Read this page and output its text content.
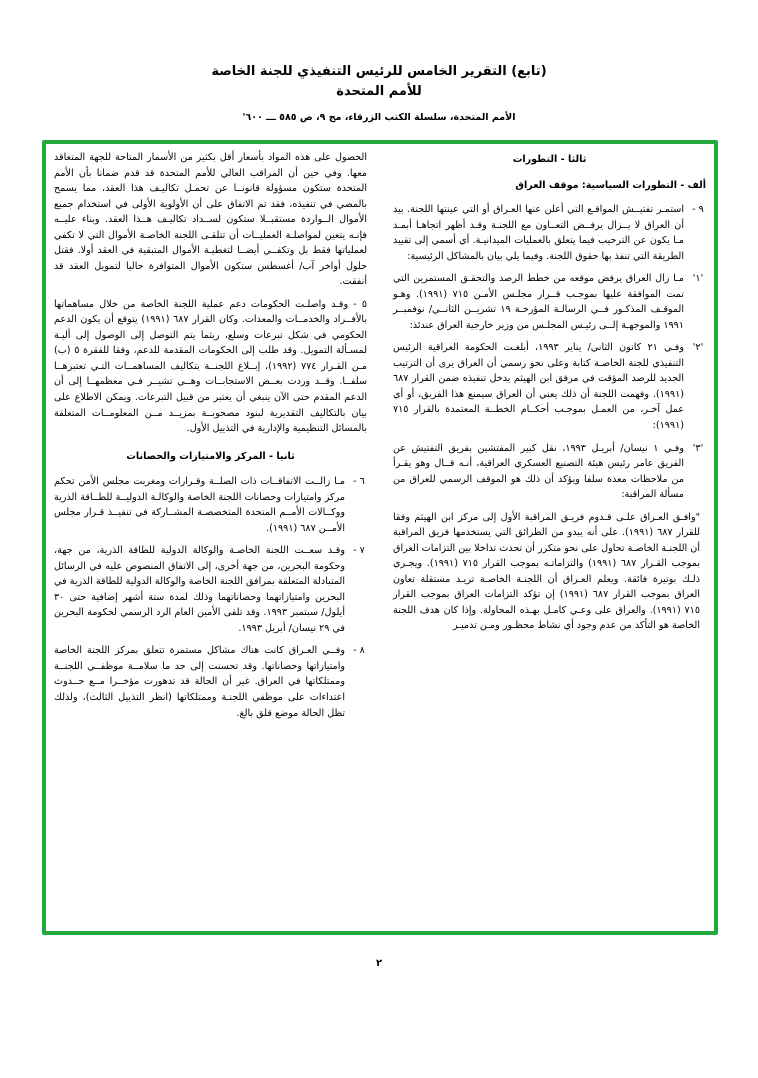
(تابع) التقرير الخامس للرئيس التنفيذي للجنة الخاصة
للأمم المتحدة
الأمم المتحدة، سلسلة الكتب الزرقاء، مج ٩، ص ٥٨٥ ـــ ٦٠٠'

ثالثا - التطورات

ألف - التطورات السياسية: موقف العراق

٩ -
استمـر تفتيــش المواقـع التي أعلن عنها العـراق أو التي عينتها اللجنة. بيد أن العراق لا يــزال يرفــض التعــاون مع اللجنـة وقـد أظهر اتجاهـا أبمـد مـا يكون عن الترحيب فيما يتعلق بالعمليات الميدانيـة. أي أسمي إلى تقييد الطريقة التي تنفذ بها حقوق اللجنة. وفيما يلي بيان بالمشاكل الرئيسية:
'١'
مـا زال العراق يرفض موقعه من خطط الرصد والتحقـق المستمرين التي تمت الموافقة عليها بموجـب قــرار مجلـس الأمـن ٧١٥ (١٩٩١). وهـو الموقـف المذكـور فــي الرسالـة المؤرخـة ١٩ تشريــن الثانــي/ نوفمبــر ١٩٩١ والموجهـة إلــى رئيـس المجلـس من وزير خارجية العراق عندئذ:
'٢'
وفـي ٢١ كانون الثاني/ يناير ١٩٩٣، أبلغـت الحكومة العراقية الرئيس التنفيذي للجنة الخاصـة كتابة وعلى نحو رسمي أن العراق يرى أن الترتيب الجديد للرصد المؤقت في مرفق ابن الهيثم يدخل تنفيذه ضمن القرار ٦٨٧ (١٩٩١). وفهمت اللجنة أن ذلك يعني أن العراق سيمنع هذا الفريق، أو أي عمل آخـر، من العمـل بموجـب أحكــام الخطــة المعتمدة بالقرار ٧١٥ (١٩٩١):
'٣'
وفـي ١ نيسان/ أبريـل ١٩٩٣، نقل كبير المفتشين بفريق التفتيش عن الفريق عامر رئيس هيئة التصنيع العسكري العراقية، أنـه قــال وهو يقـرأ من ملاحظات معدة سلفا ويؤكد أن ذلك هو الموقف الرسمي للعراق من مسألة المراقبة:

"وافـق العـراق علـى قـدوم فريـق المراقبة الأول إلى مركز ابن الهيثم وفقا للقرار ٦٨٧ (١٩٩١). على أنه يبدو من الطرائق التي يستخدمها فريق المراقبة أن اللجنـة الخاصـة تحاول على نحو متكرر أن تحدث تداخلا بين التزامات العراق بموجب القـرار ٦٨٧ (١٩٩١) والتزاماتـه بموجب القرار ٧١٥ (١٩٩١). ويجـري ذلـك بوتيرة فائقة. ويعلم العـراق أن اللجنـة الخاصـة تريـد مستقلة تعاون العراق بموجب القرار ٦٨٧ (١٩٩١) إن تؤكد التزامات العراق بموجب القرار ٧١٥ (١٩٩١). والعراق على وعـي كامـل بهـذه المحاولة. وإذا كان هدف اللجنة الخاصة هو التأكد من عدم وجود أي نشاط محظـور ومـن تدميـر

الحصول على هذه المواد بأسعار أقل بكثير من الأسمار المتاحة للجهة المتعاقد معها. وفي حين أن المراقب العالي للأمم المتحدة قد قدم ضمانا بأن الأمم المتحدة ستكون مسؤولة قانونــا عن تحمـل تكاليـف هذا العقد، مما يسمح بالمضي في تنفيذه، فقد تم الاتفاق على أن الأولوية الأولى في استخدام جميع الأموال الــواردة مستقبــلا ستكون لســداد تكاليـف هــذا العقد. وبناء عليــه فإنـه يتعين لمواصلـة العمليــات أن تتلقـى اللجنة الخاصـة الأموال التي لا تكفي لعملياتها فقط بل وتكفــي أيضــا لتغطيـة الأموال المتبقية في العقد أولا. فقتل حلول أواخر آب/ أغسطس ستكون الأموال المتوافرة حاليا لتمويل العقد قد أنفقت.

٥ - وقـد واصلـت الحكومات دعم عملية اللجنة الخاصة من خلال مساهماتها بالأفــراد والخدمــات والمعدات. وكان القرار ٦٨٧ (١٩٩١) يتوقع أن يكون الدعم الحكومي في شكل تبرعات وسلع، ريثما يتم التوصل إلى الوصول إلى أليـة لمسـألة التمويل. وقد طلب إلى الحكومات المقدمة للدعم، وفقا للفقرة ٥ (ب) مـن القـرار ٧٧٤ (١٩٩٢)، إبــلاغ اللجنــة بتكاليف المساهمــات التـي تعتبرهــا سلفــا. وقــد وردت بعــض الاستجابــات وهــي تشيــر فـي معظمهــا إلى أن الدعم المقدم حتى الآن ينبغي أن يعتبر من قبيل التبرعات. ويمكن الاطلاع على بيان بالتكاليف التقديرية لبنود مصحوبــة بمزيــد مــن المعلومــات المتعلقة بالمسائل التنظيمية والإدارية في التذييل الأول.

ثانيا - المركز والامتيازات والحصانات

٦ -
مـا زالــت الاتفاقــات ذات الصلــة وقـرارات ومغربت مجلس الأمن تحكم مركز وامتيازات وحصانات اللجنة الخاصة والوكالـة الدوليــة للطــاقة الذرية ووكــالات الأمــم المتحدة المتخصصـة المشــاركة في تنفيــذ قـرار مجلس الأمــن ٦٨٧ (١٩٩١).
٧ -
وقـد سعــت اللجنة الخاصـة والوكالة الدولية للطاقة الذرية، من جهة، وحكومة البحرين، من جهة أخرى، إلى الاتفاق المنصوص عليه في الرسائل المتبادلة المتعلقة بمرافق اللجنة الخاصة والوكالة الدولية للطاقة الذرية في البحرين وامتيازاتهما وحصاناتهما وذلك لمدة ستة أشهر إضافية حتى ٣٠ أيلول/ سبتمبر ١٩٩٣. وقد تلقى الأمين العام الرد الرسمي لحكومة البحرين في ٢٩ نيسان/ أبريل ١٩٩٣.
٨ -
وفــي العـراق كانت هناك مشاكل مستمرة تتعلق بمركز اللجنة الخاصة وامتيازاتها وحصاناتها. وقد تحسنت إلى حد ما سلامــة موظفــي اللجنــة وممتلكاتها في العراق. غير أن الحالة قد تدهورت مؤخــرا مــع حــدوث اعتداءات على موظفي اللجنـة وممتلكاتها (انظر التذييل الثالث)، ولذلك تظل الحالة موضع قلق بالغ.
٢
